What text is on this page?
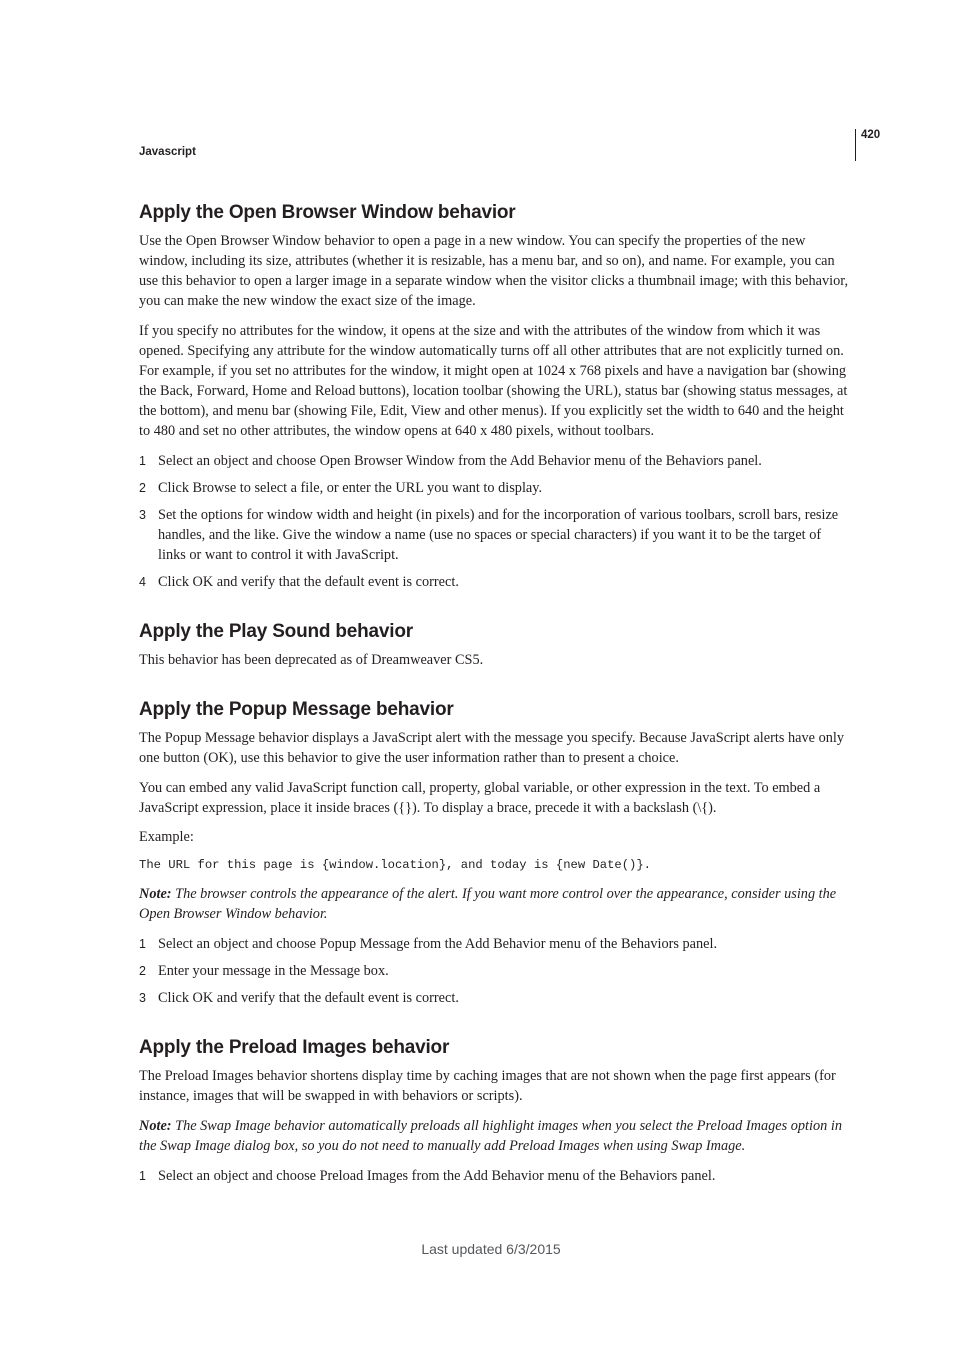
Javascript
420
Apply the Open Browser Window behavior

Use the Open Browser Window behavior to open a page in a new window. You can specify the properties of the new window, including its size, attributes (whether it is resizable, has a menu bar, and so on), and name. For example, you can use this behavior to open a larger image in a separate window when the visitor clicks a thumbnail image; with this behavior, you can make the new window the exact size of the image.

If you specify no attributes for the window, it opens at the size and with the attributes of the window from which it was opened. Specifying any attribute for the window automatically turns off all other attributes that are not explicitly turned on. For example, if you set no attributes for the window, it might open at 1024 x 768 pixels and have a navigation bar (showing the Back, Forward, Home and Reload buttons), location toolbar (showing the URL), status bar (showing status messages, at the bottom), and menu bar (showing File, Edit, View and other menus). If you explicitly set the width to 640 and the height to 480 and set no other attributes, the window opens at 640 x 480 pixels, without toolbars.

1 Select an object and choose Open Browser Window from the Add Behavior menu of the Behaviors panel.
2 Click Browse to select a file, or enter the URL you want to display.
3 Set the options for window width and height (in pixels) and for the incorporation of various toolbars, scroll bars, resize handles, and the like. Give the window a name (use no spaces or special characters) if you want it to be the target of links or want to control it with JavaScript.
4 Click OK and verify that the default event is correct.
Apply the Play Sound behavior

This behavior has been deprecated as of Dreamweaver CS5.

Apply the Popup Message behavior

The Popup Message behavior displays a JavaScript alert with the message you specify. Because JavaScript alerts have only one button (OK), use this behavior to give the user information rather than to present a choice.

You can embed any valid JavaScript function call, property, global variable, or other expression in the text. To embed a JavaScript expression, place it inside braces ({}). To display a brace, precede it with a backslash (\{).

Example:

The URL for this page is {window.location}, and today is {new Date()}.

Note: The browser controls the appearance of the alert. If you want more control over the appearance, consider using the Open Browser Window behavior.

1 Select an object and choose Popup Message from the Add Behavior menu of the Behaviors panel.
2 Enter your message in the Message box.
3 Click OK and verify that the default event is correct.
Apply the Preload Images behavior

The Preload Images behavior shortens display time by caching images that are not shown when the page first appears (for instance, images that will be swapped in with behaviors or scripts).

Note: The Swap Image behavior automatically preloads all highlight images when you select the Preload Images option in the Swap Image dialog box, so you do not need to manually add Preload Images when using Swap Image.

1 Select an object and choose Preload Images from the Add Behavior menu of the Behaviors panel.
Last updated 6/3/2015
